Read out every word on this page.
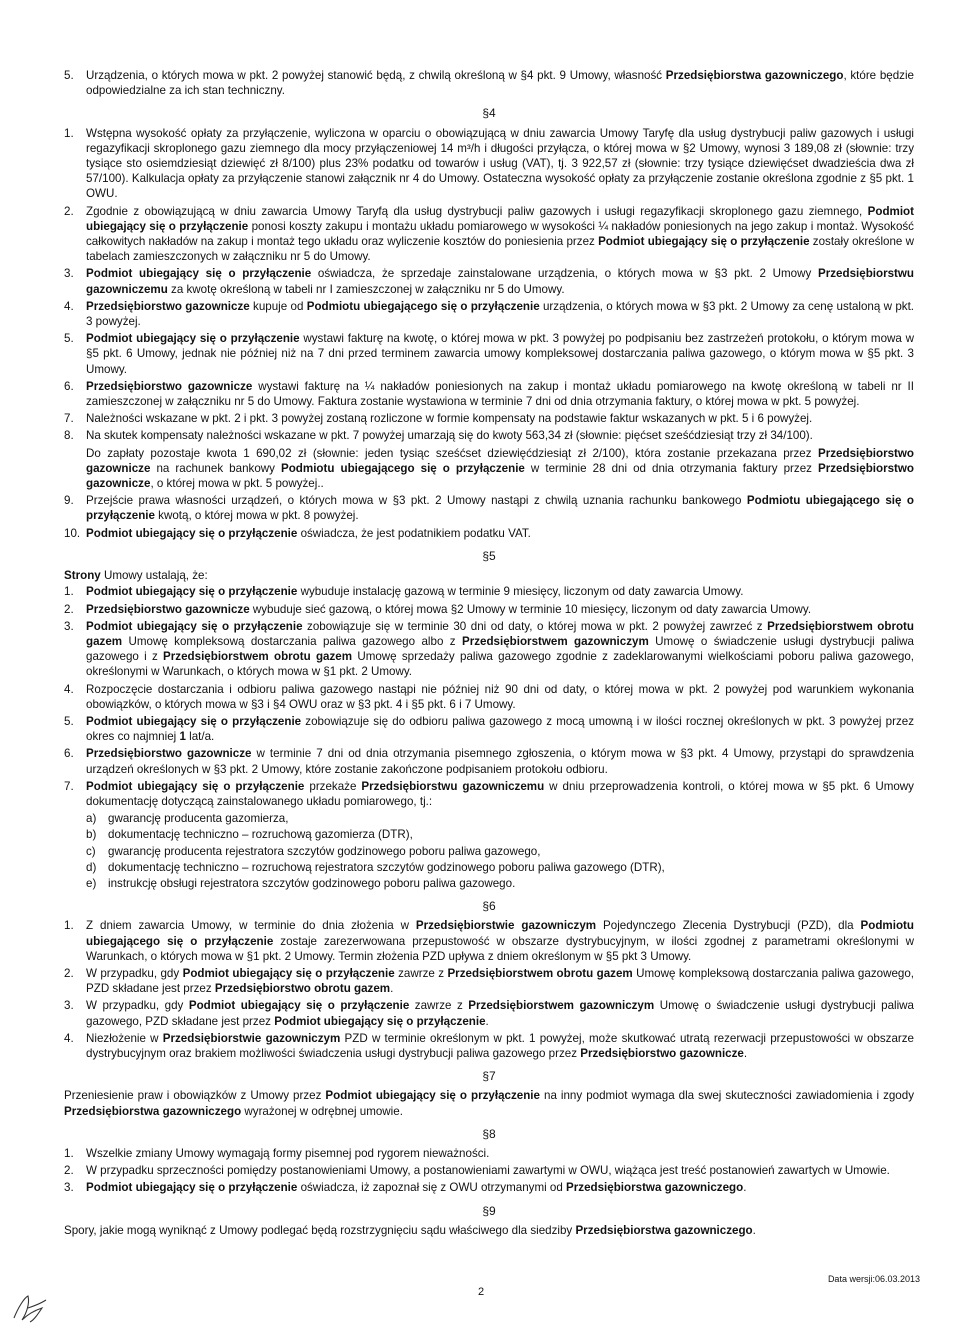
5.	Urządzenia, o których mowa w pkt. 2 powyżej stanowić będą, z chwilą określoną w §4 pkt. 9 Umowy, własność Przedsiębiorstwa gazowniczego, które będzie odpowiedzialne za ich stan techniczny.
§4
1.	Wstępna wysokość opłaty za przyłączenie, wyliczona w oparciu o obowiązującą w dniu zawarcia Umowy Taryfę dla usług dystrybucji paliw gazowych i usługi regazyfikacji skroplonego gazu ziemnego dla mocy przyłączeniowej 14 m³/h i długości przyłącza, o której mowa w §2 Umowy, wynosi 3 189,08 zł (słownie: trzy tysiące sto osiemdziesiąt dziewięć zł 8/100) plus 23% podatku od towarów i usług (VAT), tj. 3 922,57 zł (słownie: trzy tysiące dziewięćset dwadzieścia dwa zł 57/100). Kalkulacja opłaty za przyłączenie stanowi załącznik nr 4 do Umowy. Ostateczna wysokość opłaty za przyłączenie zostanie określona zgodnie z §5 pkt. 1 OWU.
2.	Zgodnie z obowiązującą w dniu zawarcia Umowy Taryfą dla usług dystrybucji paliw gazowych i usługi regazyfikacji skroplonego gazu ziemnego, Podmiot ubiegający się o przyłączenie ponosi koszty zakupu i montażu układu pomiarowego w wysokości ¼ nakładów poniesionych na jego zakup i montaż. Wysokość całkowitych nakładów na zakup i montaż tego układu oraz wyliczenie kosztów do poniesienia przez Podmiot ubiegający się o przyłączenie zostały określone w tabelach zamieszczonych w załączniku nr 5 do Umowy.
3.	Podmiot ubiegający się o przyłączenie oświadcza, że sprzedaje zainstalowane urządzenia, o których mowa w §3 pkt. 2 Umowy Przedsiębiorstwu gazowniczemu za kwotę określoną w tabeli nr I zamieszczonej w załączniku nr 5 do Umowy.
4.	Przedsiębiorstwo gazownicze kupuje od Podmiotu ubiegającego się o przyłączenie urządzenia, o których mowa w §3 pkt. 2 Umowy za cenę ustaloną w pkt. 3 powyżej.
5.	Podmiot ubiegający się o przyłączenie wystawi fakturę na kwotę, o której mowa w pkt. 3 powyżej po podpisaniu bez zastrzeżeń protokołu, o którym mowa w §5 pkt. 6 Umowy, jednak nie później niż na 7 dni przed terminem zawarcia umowy kompleksowej dostarczania paliwa gazowego, o którym mowa w §5 pkt. 3 Umowy.
6.	Przedsiębiorstwo gazownicze wystawi fakturę na ¼ nakładów poniesionych na zakup i montaż układu pomiarowego na kwotę określoną w tabeli nr II zamieszczonej w załączniku nr 5 do Umowy. Faktura zostanie wystawiona w terminie 7 dni od dnia otrzymania faktury, o której mowa w pkt. 5 powyżej.
7.	Należności wskazane w pkt. 2 i pkt. 3 powyżej zostaną rozliczone w formie kompensaty na podstawie faktur wskazanych w pkt. 5 i 6 powyżej.
8.	Na skutek kompensaty należności wskazane w pkt. 7 powyżej umarzają się do kwoty 563,34 zł (słownie: pięćset sześćdziesiąt trzy zł 34/100).
Do zapłaty pozostaje kwota 1 690,02 zł (słownie: jeden tysiąc sześćset dziewięćdziesiąt zł 2/100), która zostanie przekazana przez Przedsiębiorstwo gazownicze na rachunek bankowy Podmiotu ubiegającego się o przyłączenie w terminie 28 dni od dnia otrzymania faktury przez Przedsiębiorstwo gazownicze, o której mowa w pkt. 5 powyżej..
9.	Przejście prawa własności urządzeń, o których mowa w §3 pkt. 2 Umowy nastąpi z chwilą uznania rachunku bankowego Podmiotu ubiegającego się o przyłączenie kwotą, o której mowa w pkt. 8 powyżej.
10. Podmiot ubiegający się o przyłączenie oświadcza, że jest podatnikiem podatku VAT.
§5
Strony Umowy ustalają, że:
1.	Podmiot ubiegający się o przyłączenie wybuduje instalację gazową w terminie 9 miesięcy, liczonym od daty zawarcia Umowy.
2.	Przedsiębiorstwo gazownicze wybuduje sieć gazową, o której mowa §2 Umowy w terminie 10 miesięcy, liczonym od daty zawarcia Umowy.
3.	Podmiot ubiegający się o przyłączenie zobowiązuje się w terminie 30 dni od daty, o której mowa w pkt. 2 powyżej zawrzeć z Przedsiębiorstwem obrotu gazem Umowę kompleksową dostarczania paliwa gazowego albo z Przedsiębiorstwem gazowniczym Umowę o świadczenie usługi dystrybucji paliwa gazowego i z Przedsiębiorstwem obrotu gazem Umowę sprzedaży paliwa gazowego zgodnie z zadeklarowanymi wielkościami poboru paliwa gazowego, określonymi w Warunkach, o których mowa w §1 pkt. 2 Umowy.
4.	Rozpoczęcie dostarczania i odbioru paliwa gazowego nastąpi nie później niż 90 dni od daty, o której mowa w pkt. 2 powyżej pod warunkiem wykonania obowiązków, o których mowa w §3 i §4 OWU oraz w §3 pkt. 4 i §5 pkt. 6 i 7 Umowy.
5.	Podmiot ubiegający się o przyłączenie zobowiązuje się do odbioru paliwa gazowego z mocą umowną i w ilości rocznej określonych w pkt. 3 powyżej przez okres co najmniej 1 lat/a.
6.	Przedsiębiorstwo gazownicze w terminie 7 dni od dnia otrzymania pisemnego zgłoszenia, o którym mowa w §3 pkt. 4 Umowy, przystąpi do sprawdzenia urządzeń określonych w §3 pkt. 2 Umowy, które zostanie zakończone podpisaniem protokołu odbioru.
7.	Podmiot ubiegający się o przyłączenie przekaże Przedsiębiorstwu gazowniczemu w dniu przeprowadzenia kontroli, o której mowa w §5 pkt. 6 Umowy dokumentację dotyczącą zainstalowanego układu pomiarowego, tj.:
a)	gwarancję producenta gazomierza,
b)	dokumentację techniczno – rozruchową gazomierza (DTR),
c)	gwarancję producenta rejestratora szczytów godzinowego poboru paliwa gazowego,
d)	dokumentację techniczno – rozruchową rejestratora szczytów godzinowego poboru paliwa gazowego (DTR),
e)	instrukcję obsługi rejestratora szczytów godzinowego poboru paliwa gazowego.
§6
1.	Z dniem zawarcia Umowy, w terminie do dnia złożenia w Przedsiębiorstwie gazowniczym Pojedynczego Zlecenia Dystrybucji (PZD), dla Podmiotu ubiegającego się o przyłączenie zostaje zarezerwowana przepustowość w obszarze dystrybucyjnym, w ilości zgodnej z parametrami określonymi w Warunkach, o których mowa w §1 pkt. 2 Umowy. Termin złożenia PZD upływa z dniem określonym w §5 pkt 3 Umowy.
2.	W przypadku, gdy Podmiot ubiegający się o przyłączenie zawrze z Przedsiębiorstwem obrotu gazem Umowę kompleksową dostarczania paliwa gazowego, PZD składane jest przez Przedsiębiorstwo obrotu gazem.
3.	W przypadku, gdy Podmiot ubiegający się o przyłączenie zawrze z Przedsiębiorstwem gazowniczym Umowę o świadczenie usługi dystrybucji paliwa gazowego, PZD składane jest przez Podmiot ubiegający się o przyłączenie.
4.	Niezłożenie w Przedsiębiorstwie gazowniczym PZD w terminie określonym w pkt. 1 powyżej, może skutkować utratą rezerwacji przepustowości w obszarze dystrybucyjnym oraz brakiem możliwości świadczenia usługi dystrybucji paliwa gazowego przez Przedsiębiorstwo gazownicze.
§7
Przeniesienie praw i obowiązków z Umowy przez Podmiot ubiegający się o przyłączenie na inny podmiot wymaga dla swej skuteczności zawiadomienia i zgody Przedsiębiorstwa gazowniczego wyrażonej w odrębnej umowie.
§8
1.	Wszelkie zmiany Umowy wymagają formy pisemnej pod rygorem nieważności.
2.	W przypadku sprzeczności pomiędzy postanowieniami Umowy, a postanowieniami zawartymi w OWU, wiążąca jest treść postanowień zawartych w Umowie.
3.	Podmiot ubiegający się o przyłączenie oświadcza, iż zapoznał się z OWU otrzymanymi od Przedsiębiorstwa gazowniczego.
§9
Spory, jakie mogą wyniknąć z Umowy podlegać będą rozstrzygnięciu sądu właściwego dla siedziby Przedsiębiorstwa gazowniczego.
Data wersji:06.03.2013
2
